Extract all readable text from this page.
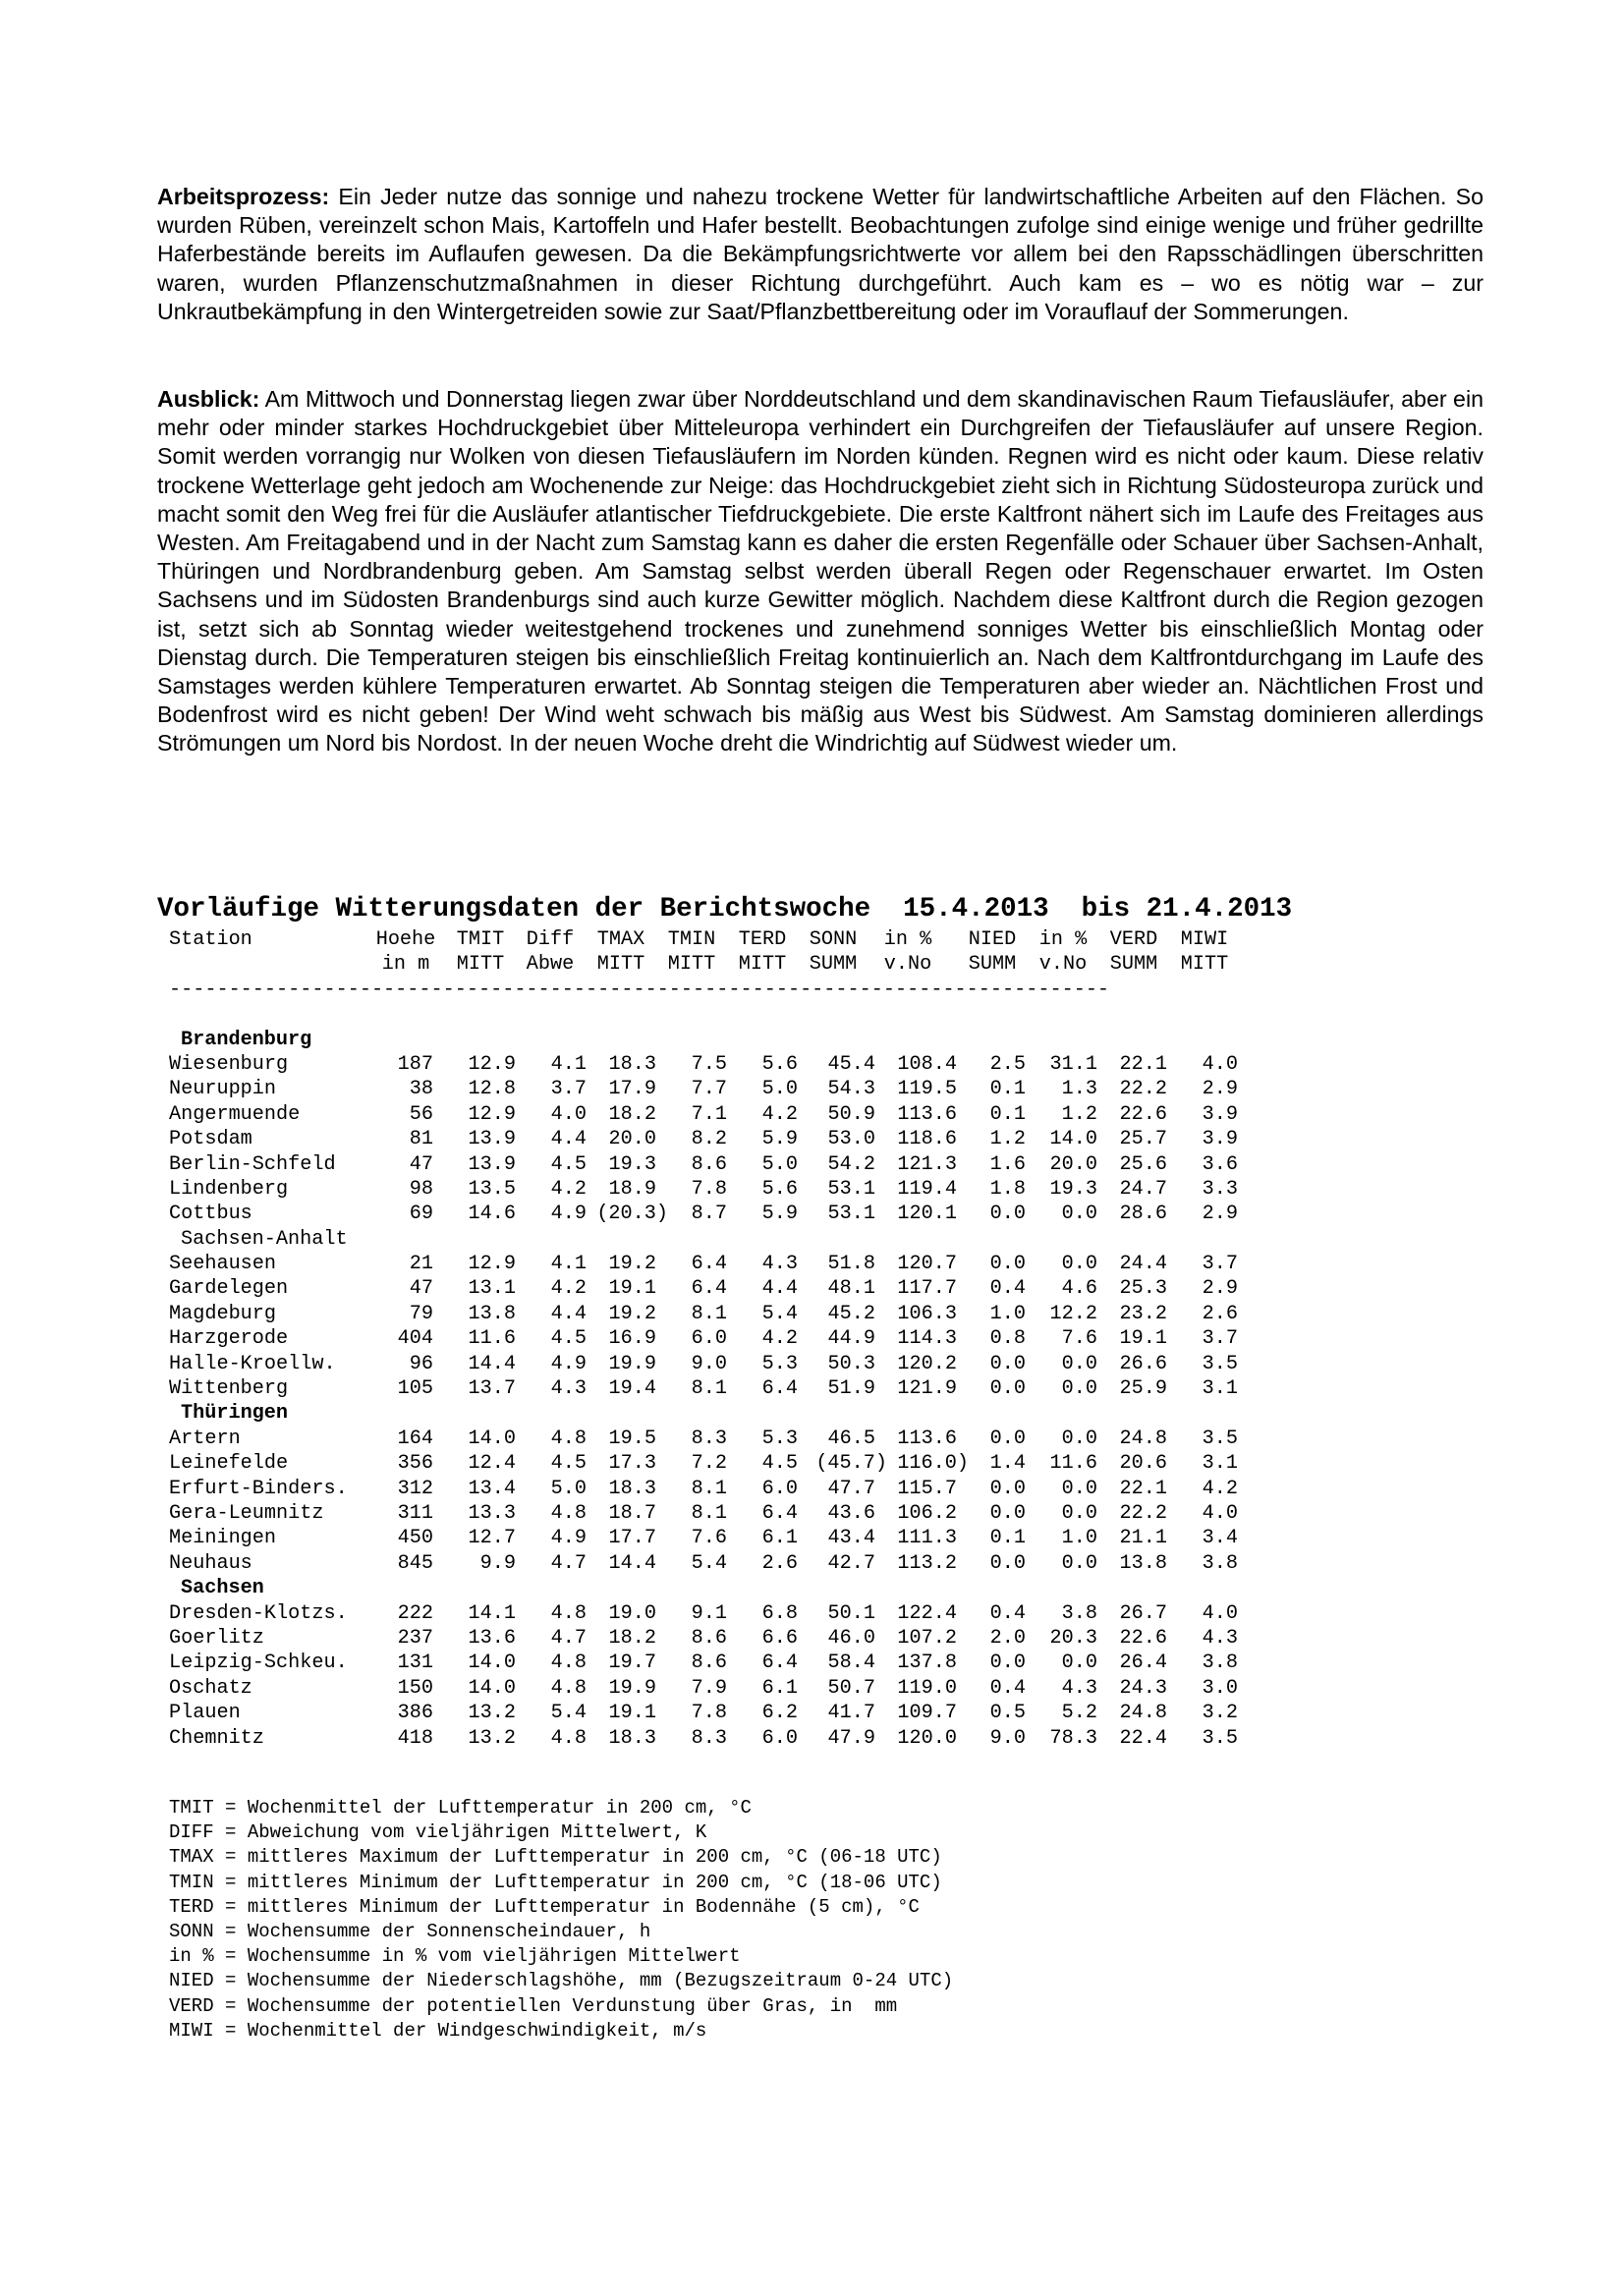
Arbeitsprozess: Ein Jeder nutze das sonnige und nahezu trockene Wetter für landwirtschaftliche Arbeiten auf den Flächen. So wurden Rüben, vereinzelt schon Mais, Kartoffeln und Hafer bestellt. Beobachtungen zufolge sind einige wenige und früher gedrillte Haferbestände bereits im Auflaufen gewesen. Da die Bekämpfungsrichtwerte vor allem bei den Rapsschädlingen überschritten waren, wurden Pflanzenschutzmaßnahmen in dieser Richtung durchgeführt. Auch kam es – wo es nötig war – zur Unkrautbekämpfung in den Wintergetreiden sowie zur Saat/Pflanzbettbereitung oder im Vorauflauf der Sommerungen.

Ausblick: Am Mittwoch und Donnerstag liegen zwar über Norddeutschland und dem skandinavischen Raum Tiefausläufer, aber ein mehr oder minder starkes Hochdruckgebiet über Mitteleuropa verhindert ein Durchgreifen der Tiefausläufer auf unsere Region. Somit werden vorrangig nur Wolken von diesen Tiefausläufern im Norden künden. Regnen wird es nicht oder kaum. Diese relativ trockene Wetterlage geht jedoch am Wochenende zur Neige: das Hochdruckgebiet zieht sich in Richtung Südosteuropa zurück und macht somit den Weg frei für die Ausläufer atlantischer Tiefdruckgebiete. Die erste Kaltfront nähert sich im Laufe des Freitages aus Westen. Am Freitagabend und in der Nacht zum Samstag kann es daher die ersten Regenfälle oder Schauer über Sachsen-Anhalt, Thüringen und Nordbrandenburg geben. Am Samstag selbst werden überall Regen oder Regenschauer erwartet. Im Osten Sachsens und im Südosten Brandenburgs sind auch kurze Gewitter möglich. Nachdem diese Kaltfront durch die Region gezogen ist, setzt sich ab Sonntag wieder weitestgehend trockenes und zunehmend sonniges Wetter bis einschließlich Montag oder Dienstag durch. Die Temperaturen steigen bis einschließlich Freitag kontinuierlich an. Nach dem Kaltfrontdurchgang im Laufe des Samstages werden kühlere Temperaturen erwartet. Ab Sonntag steigen die Temperaturen aber wieder an. Nächtlichen Frost und Bodenfrost wird es nicht geben! Der Wind weht schwach bis mäßig aus West bis Südwest. Am Samstag dominieren allerdings Strömungen um Nord bis Nordost. In der neuen Woche dreht die Windrichtig auf Südwest wieder um.

Vorläufige Witterungsdaten der Berichtswoche  15.4.2013  bis 21.4.2013
Station	Hoehe	TMIT	Diff	TMAX	TMIN	TERD	SONN	in %	NIED	in %	VERD	MIWI
in m	MITT	Abwe	MITT	MITT	MITT	SUMM	v.No	SUMM	v.No	SUMM	MITT
-------------------------------------------------------------------------------
Brandenburg
Wiesenburg	187 12.9 4.1 18.3 7.5 5.6 45.4 108.4 2.5 31.1 22.1 4.0
Neuruppin	38 12.8 3.7 17.9 7.7 5.0 54.3 119.5 0.1 1.3 22.2 2.9
Angermuende	56 12.9 4.0 18.2 7.1 4.2 50.9 113.6 0.1 1.2 22.6 3.9
Potsdam	81 13.9 4.4 20.0 8.2 5.9 53.0 118.6 1.2 14.0 25.7 3.9
Berlin-Schfeld	47 13.9 4.5 19.3 8.6 5.0 54.2 121.3 1.6 20.0 25.6 3.6
Lindenberg	98 13.5 4.2 18.9 7.8 5.6 53.1 119.4 1.8 19.3 24.7 3.3
Cottbus	69 14.6 4.9 (20.3) 8.7 5.9 53.1 120.1 0.0 0.0 28.6 2.9
Sachsen-Anhalt
Seehausen	21 12.9 4.1 19.2 6.4 4.3 51.8 120.7 0.0 0.0 24.4 3.7
Gardelegen	47 13.1 4.2 19.1 6.4 4.4 48.1 117.7 0.4 4.6 25.3 2.9
Magdeburg	79 13.8 4.4 19.2 8.1 5.4 45.2 106.3 1.0 12.2 23.2 2.6
Harzgerode	404 11.6 4.5 16.9 6.0 4.2 44.9 114.3 0.8 7.6 19.1 3.7
Halle-Kroellw.	96 14.4 4.9 19.9 9.0 5.3 50.3 120.2 0.0 0.0 26.6 3.5
Wittenberg	105 13.7 4.3 19.4 8.1 6.4 51.9 121.9 0.0 0.0 25.9 3.1
Thüringen
Artern	164 14.0 4.8 19.5 8.3 5.3 46.5 113.6 0.0 0.0 24.8 3.5
Leinefelde	356 12.4 4.5 17.3 7.2 4.5 (45.7) 116.0) 1.4 11.6 20.6 3.1
Erfurt-Binders.	312 13.4 5.0 18.3 8.1 6.0 47.7 115.7 0.0 0.0 22.1 4.2
Gera-Leumnitz	311 13.3 4.8 18.7 8.1 6.4 43.6 106.2 0.0 0.0 22.2 4.0
Meiningen	450 12.7 4.9 17.7 7.6 6.1 43.4 111.3 0.1 1.0 21.1 3.4
Neuhaus	845 9.9 4.7 14.4 5.4 2.6 42.7 113.2 0.0 0.0 13.8 3.8
Sachsen
Dresden-Klotzs.	222 14.1 4.8 19.0 9.1 6.8 50.1 122.4 0.4 3.8 26.7 4.0
Goerlitz	237 13.6 4.7 18.2 8.6 6.6 46.0 107.2 2.0 20.3 22.6 4.3
Leipzig-Schkeu.	131 14.0 4.8 19.7 8.6 6.4 58.4 137.8 0.0 0.0 26.4 3.8
Oschatz	150 14.0 4.8 19.9 7.9 6.1 50.7 119.0 0.4 4.3 24.3 3.0
Plauen	386 13.2 5.4 19.1 7.8 6.2 41.7 109.7 0.5 5.2 24.8 3.2
Chemnitz	418 13.2 4.8 18.3 8.3 6.0 47.9 120.0 9.0 78.3 22.4 3.5
TMIT = Wochenmittel der Lufttemperatur in 200 cm, °C
DIFF = Abweichung vom vieljährigen Mittelwert, K
TMAX = mittleres Maximum der Lufttemperatur in 200 cm, °C (06-18 UTC)
TMIN = mittleres Minimum der Lufttemperatur in 200 cm, °C (18-06 UTC)
TERD = mittleres Minimum der Lufttemperatur in Bodennähe (5 cm), °C
SONN = Wochensumme der Sonnenscheindauer, h
in % = Wochensumme in % vom vieljährigen Mittelwert
NIED = Wochensumme der Niederschlagshöhe, mm (Bezugszeitraum 0-24 UTC)
VERD = Wochensumme der potentiellen Verdunstung über Gras, in  mm
MIWI = Wochenmittel der Windgeschwindigkeit, m/s
